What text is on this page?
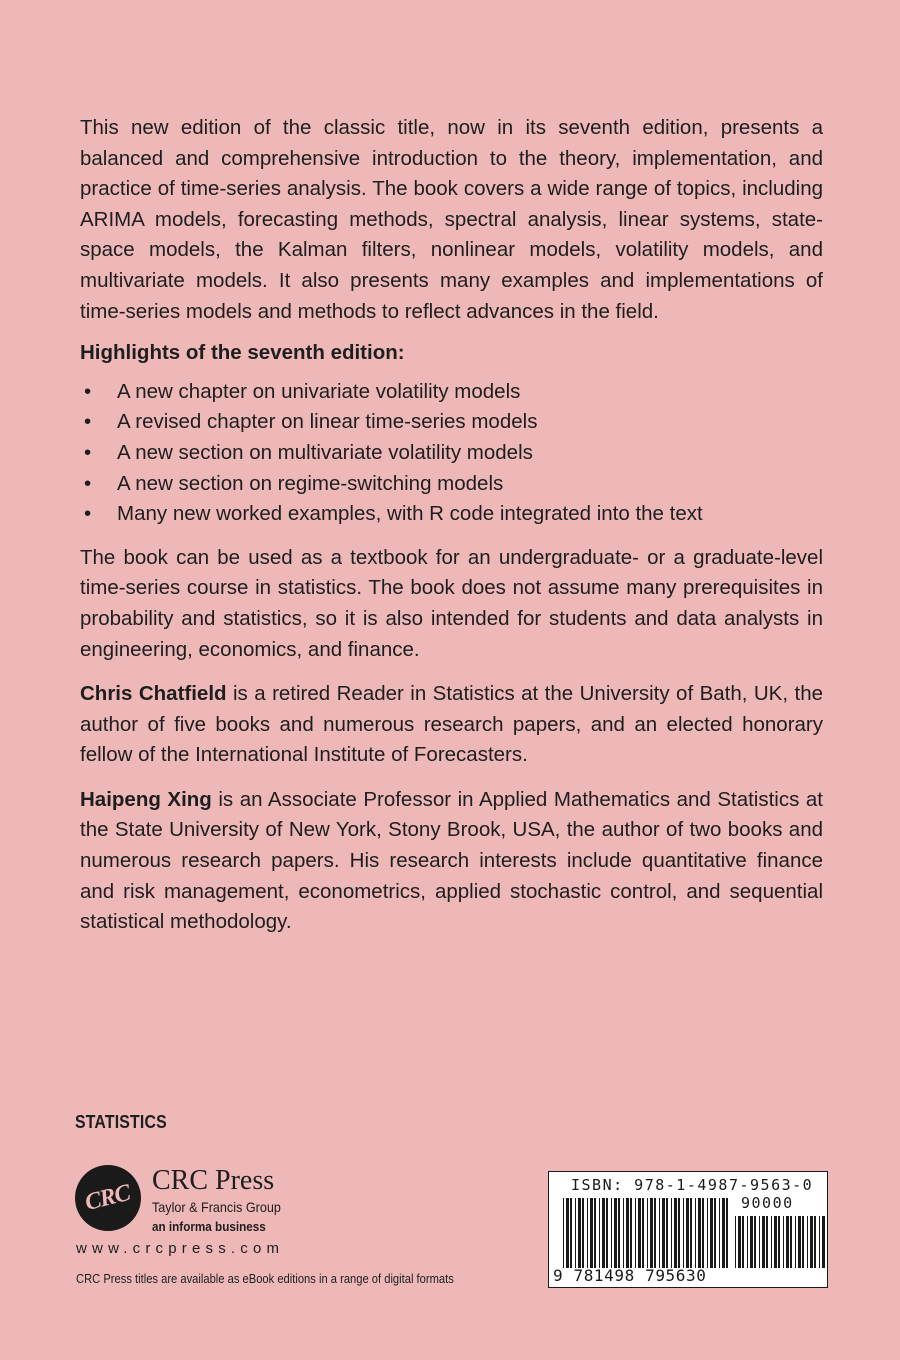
This new edition of the classic title, now in its seventh edition, presents a balanced and comprehensive introduction to the theory, implementation, and practice of time-series analysis. The book covers a wide range of topics, including ARIMA models, forecasting methods, spectral analysis, linear systems, state-space models, the Kalman filters, nonlinear models, volatility models, and multivariate models. It also presents many examples and implementations of time-series models and methods to reflect advances in the field.

Highlights of the seventh edition:
• A new chapter on univariate volatility models
• A revised chapter on linear time-series models
• A new section on multivariate volatility models
• A new section on regime-switching models
• Many new worked examples, with R code integrated into the text

The book can be used as a textbook for an undergraduate- or a graduate-level time-series course in statistics. The book does not assume many prerequisites in probability and statistics, so it is also intended for students and data analysts in engineering, economics, and finance.

Chris Chatfield is a retired Reader in Statistics at the University of Bath, UK, the author of five books and numerous research papers, and an elected honorary fellow of the International Institute of Forecasters.

Haipeng Xing is an Associate Professor in Applied Mathematics and Statistics at the State University of New York, Stony Brook, USA, the author of two books and numerous research papers. His research interests include quantitative finance and risk management, econometrics, applied stochastic control, and sequential statistical methodology.

STATISTICS
CRC CRC Press
Taylor & Francis Group
an informa business
www.crcpress.com
CRC Press titles are available as eBook editions in a range of digital formats
ISBN: 978-1-4987-9563-0
90000
9 781498 795630
